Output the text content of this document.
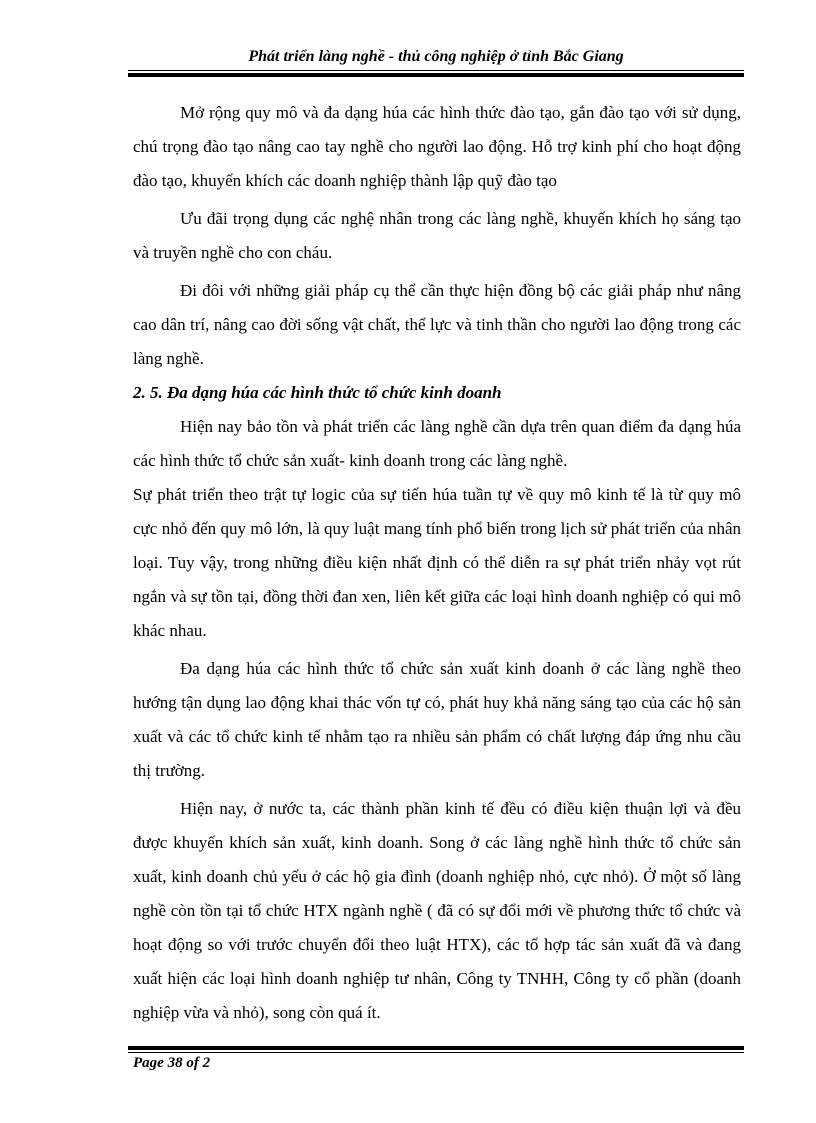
Phát triển làng nghề - thủ công nghiệp ở tỉnh Bắc Giang

Mở rộng quy mô và đa dạng húa các hình thức đào tạo, gắn đào tạo với sử dụng, chú trọng đào tạo nâng cao tay nghề cho người lao động. Hỗ trợ kinh phí cho hoạt động đào tạo, khuyến khích các doanh nghiệp thành lập quỹ đào tạo

Ưu đãi trọng dụng các nghệ nhân trong các làng nghề, khuyến khích họ sáng tạo và truyền nghề cho con cháu.

Đi đôi với những giải pháp cụ thể cần thực hiện đồng bộ các giải pháp như nâng cao dân trí, nâng cao đời sống vật chất, thể lực và tinh thần cho người lao động trong các làng nghề.

2. 5. Đa dạng húa các hình thức tổ chức kinh doanh

Hiện nay bảo tồn và phát triển các làng nghề cần dựa trên quan điểm đa dạng húa các hình thức tổ chức sản xuất- kinh doanh trong các làng nghề.

Sự phát triển theo trật tự logic của sự tiến húa tuần tự về quy mô kinh tế là từ quy mô cực nhỏ đến quy mô lớn, là quy luật mang tính phổ biến trong lịch sử phát triển của nhân loại. Tuy vậy, trong những điều kiện nhất định có thể diễn ra sự phát triển nhảy vọt rút ngắn và sự tồn tại, đồng thời đan xen, liên kết giữa các loại hình doanh nghiệp có qui mô khác nhau.

Đa dạng húa các hình thức tổ chức sản xuất kinh doanh ở các làng nghề theo hướng tận dụng lao động khai thác vốn tự có, phát huy khả năng sáng tạo của các hộ sản xuất và các tổ chức kinh tế nhằm tạo ra nhiều sản phẩm có chất lượng đáp ứng nhu cầu thị trường.

Hiện nay, ở nước ta, các thành phần kinh tế đều có điều kiện thuận lợi và đều được khuyến khích sản xuất, kinh doanh. Song ở các làng nghề hình thức tổ chức sản xuất, kinh doanh chủ yếu ở các hộ gia đình (doanh nghiệp nhỏ, cực nhỏ). Ở một số làng nghề còn tồn tại tổ chức HTX ngành nghề ( đã có sự đổi mới về phương thức tổ chức và hoạt động so với trước chuyển đổi theo luật HTX), các tổ hợp tác sản xuất đã và đang xuất hiện các loại hình doanh nghiệp tư nhân, Công ty TNHH, Công ty cổ phần (doanh nghiệp vừa và nhỏ), song còn quá ít.

Page 38 of 2
